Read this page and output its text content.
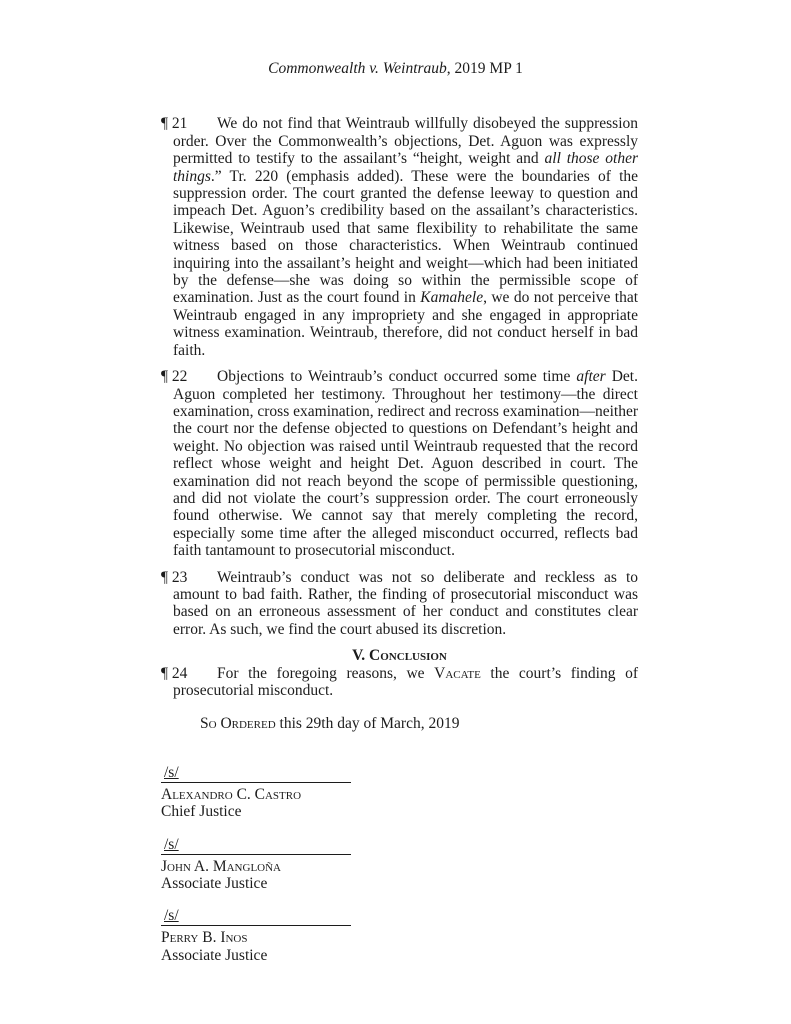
Commonwealth v. Weintraub, 2019 MP 1

¶ 21 We do not find that Weintraub willfully disobeyed the suppression order. Over the Commonwealth’s objections, Det. Aguon was expressly permitted to testify to the assailant’s “height, weight and all those other things.” Tr. 220 (emphasis added). These were the boundaries of the suppression order. The court granted the defense leeway to question and impeach Det. Aguon’s credibility based on the assailant’s characteristics. Likewise, Weintraub used that same flexibility to rehabilitate the same witness based on those characteristics. When Weintraub continued inquiring into the assailant’s height and weight—which had been initiated by the defense—she was doing so within the permissible scope of examination. Just as the court found in Kamahele, we do not perceive that Weintraub engaged in any impropriety and she engaged in appropriate witness examination. Weintraub, therefore, did not conduct herself in bad faith.

¶ 22 Objections to Weintraub’s conduct occurred some time after Det. Aguon completed her testimony. Throughout her testimony—the direct examination, cross examination, redirect and recross examination—neither the court nor the defense objected to questions on Defendant’s height and weight. No objection was raised until Weintraub requested that the record reflect whose weight and height Det. Aguon described in court. The examination did not reach beyond the scope of permissible questioning, and did not violate the court’s suppression order. The court erroneously found otherwise. We cannot say that merely completing the record, especially some time after the alleged misconduct occurred, reflects bad faith tantamount to prosecutorial misconduct.

¶ 23 Weintraub’s conduct was not so deliberate and reckless as to amount to bad faith. Rather, the finding of prosecutorial misconduct was based on an erroneous assessment of her conduct and constitutes clear error. As such, we find the court abused its discretion.

V. Conclusion

¶ 24 For the foregoing reasons, we Vacate the court’s finding of prosecutorial misconduct.

So Ordered this 29th day of March, 2019

/s/
Alexandro C. Castro
Chief Justice
/s/
John A. Mangloña
Associate Justice
/s/
Perry B. Inos
Associate Justice
